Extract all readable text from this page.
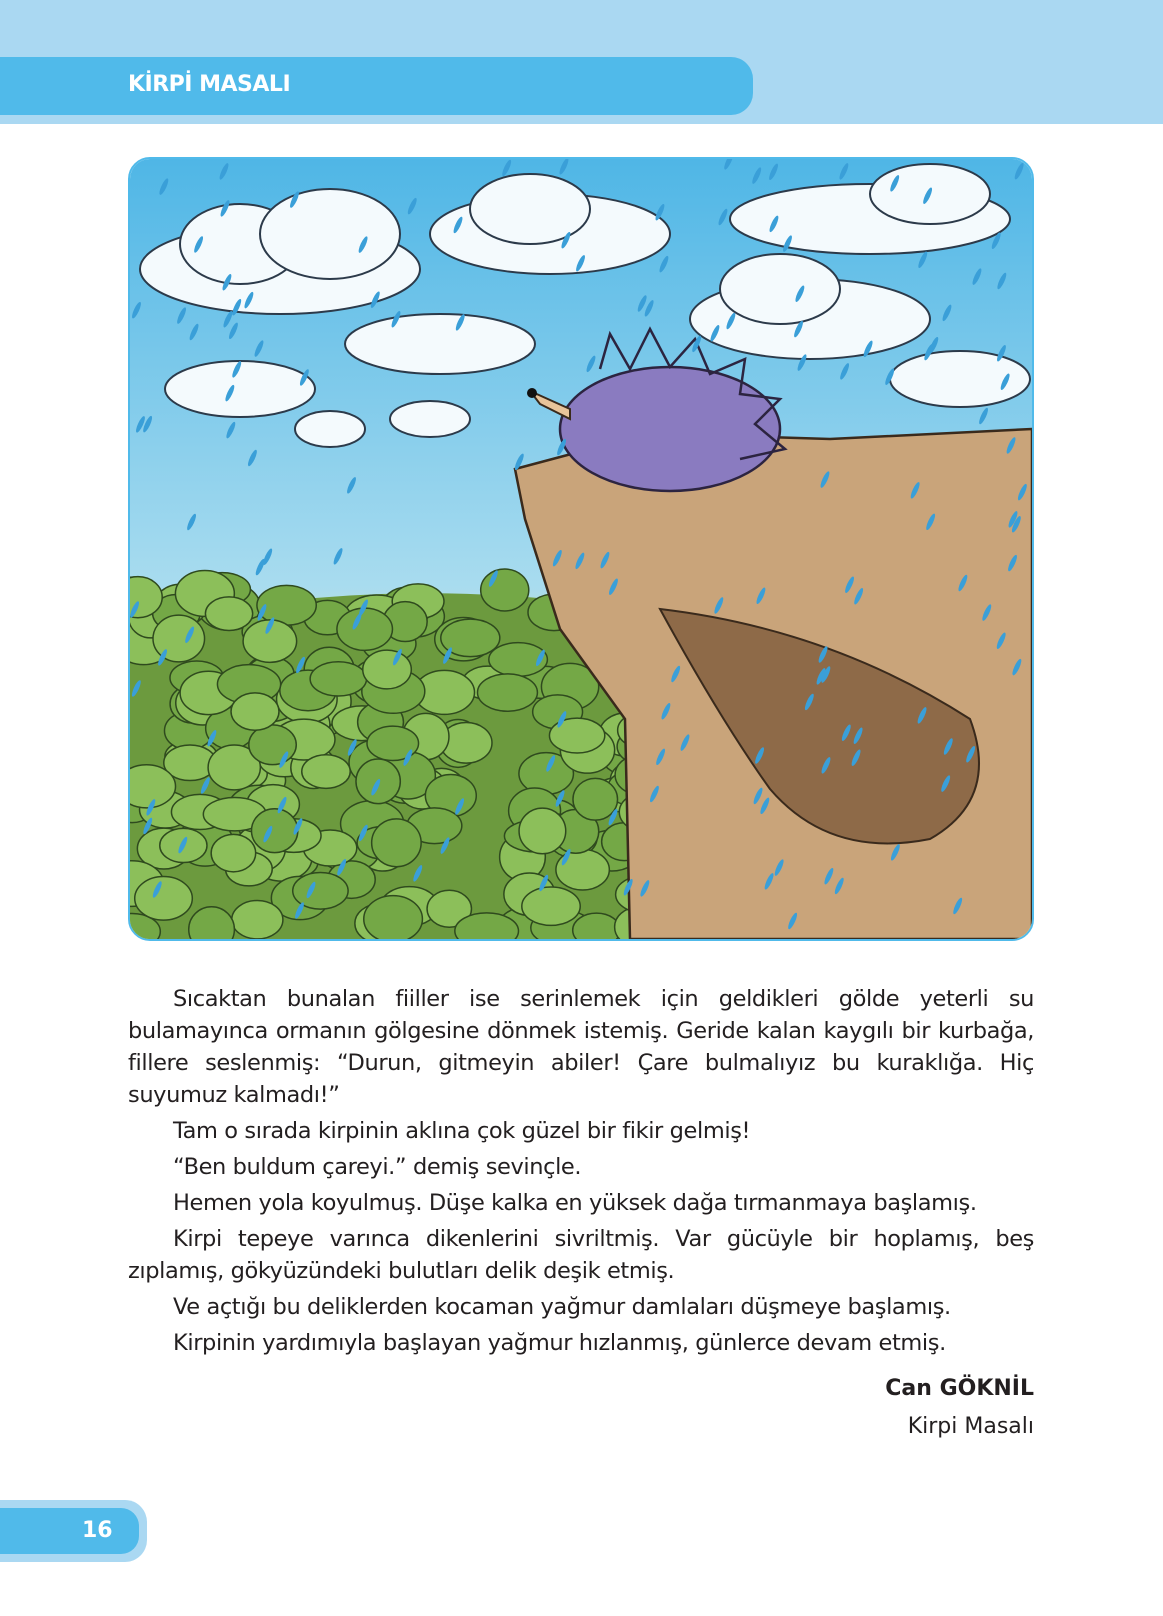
KİRPİ MASALI

Sıcaktan bunalan fiiller ise serinlemek için geldikleri gölde yeterli su bulamayınca ormanın gölgesine dönmek istemiş. Geride kalan kaygılı bir kurbağa, fillere seslenmiş: “Durun, gitmeyin abiler! Çare bulmalıyız bu kuraklığa. Hiç suyumuz kalmadı!”

Tam o sırada kirpinin aklına çok güzel bir fikir gelmiş!

“Ben buldum çareyi.” demiş sevinçle.

Hemen yola koyulmuş. Düşe kalka en yüksek dağa tırmanmaya başlamış.

Kirpi tepeye varınca dikenlerini sivriltmiş. Var gücüyle bir hoplamış, beş zıplamış, gökyüzündeki bulutları delik deşik etmiş.

Ve açtığı bu deliklerden kocaman yağmur damlaları düşmeye başlamış.

Kirpinin yardımıyla başlayan yağmur hızlanmış, günlerce devam etmiş.

Can GÖKNİL
Kirpi Masalı
16
